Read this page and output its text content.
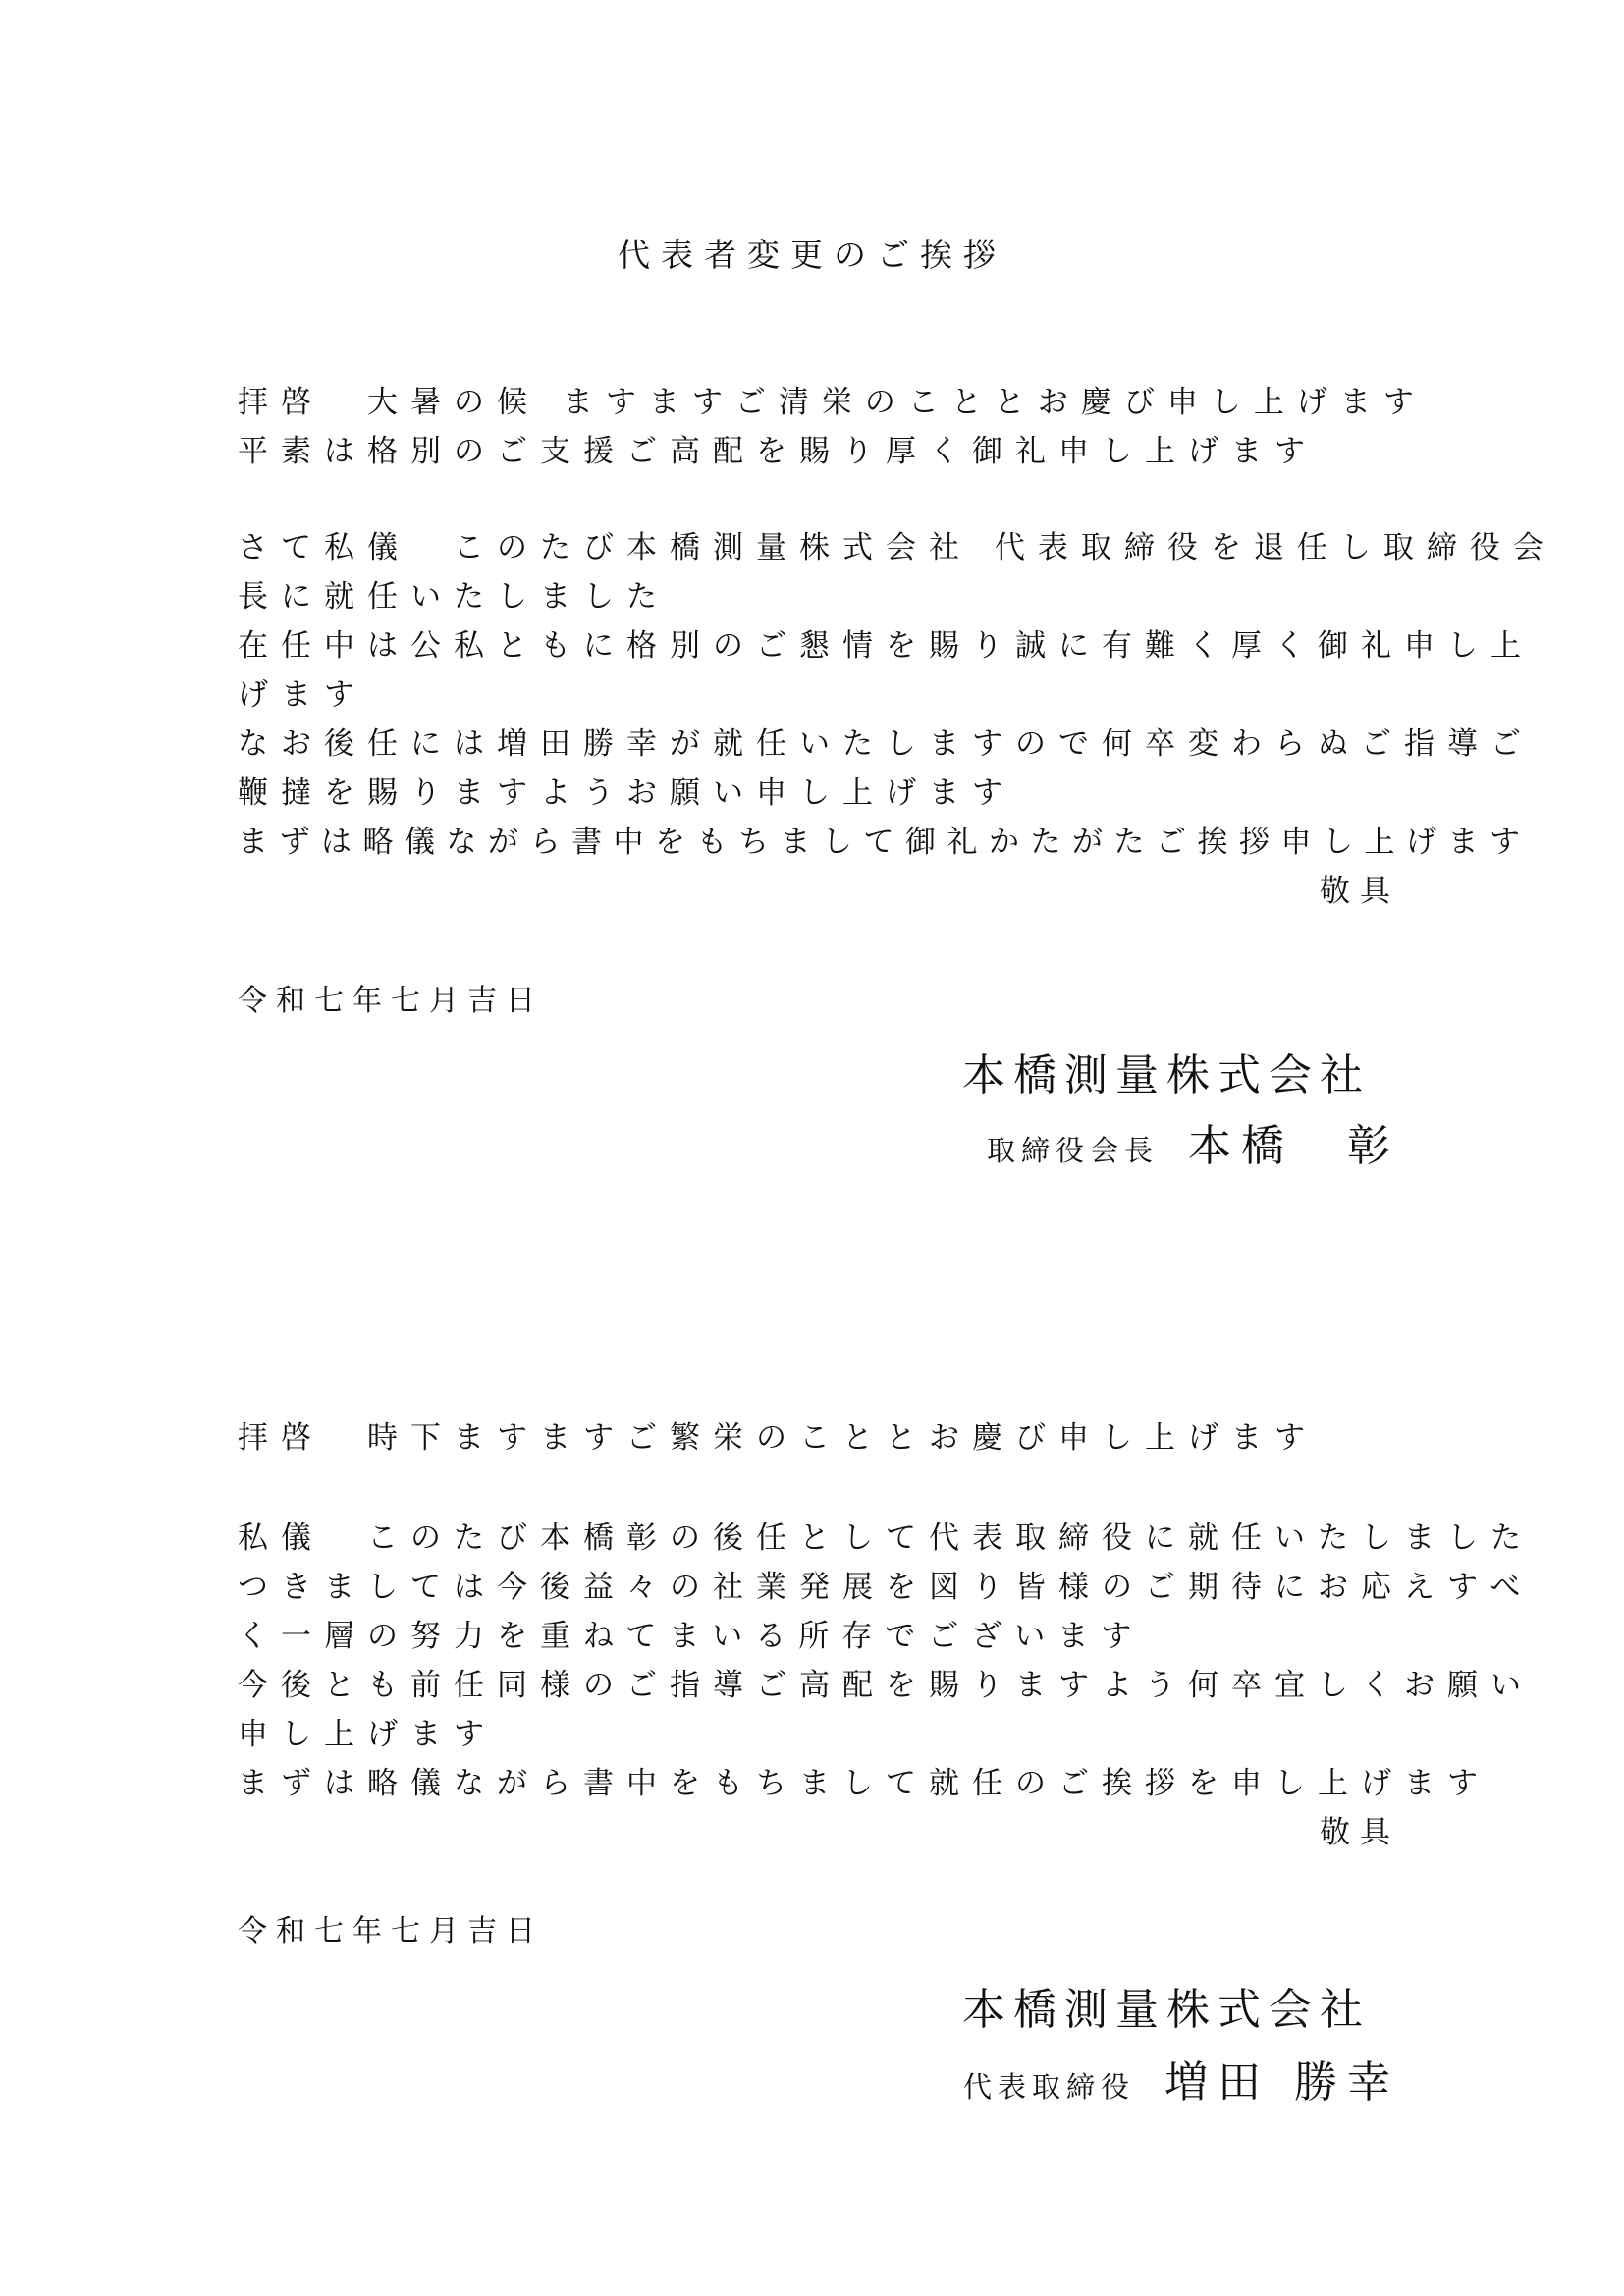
代表者変更のご挨拶
拝啓　大暑の候 ますますご清栄のこととお慶び申し上げます
平素は格別のご支援ご高配を賜り厚く御礼申し上げます
さて私儀　このたび本橋測量株式会社 代表取締役を退任し取締役会
長に就任いたしました
在任中は公私ともに格別のご懇情を賜り誠に有難く厚く御礼申し上
げます
なお後任には増田勝幸が就任いたしますので何卒変わらぬご指導ご
鞭撻を賜りますようお願い申し上げます
まずは略儀ながら書中をもちまして御礼かたがたご挨拶申し上げます
敬具
令和七年七月吉日
本橋測量株式会社
取締役会長 本橋　彰
拝啓　時下ますますご繁栄のこととお慶び申し上げます
私儀　このたび本橋彰の後任として代表取締役に就任いたしました
つきましては今後益々の社業発展を図り皆様のご期待にお応えすべ
く一層の努力を重ねてまいる所存でございます
今後とも前任同様のご指導ご高配を賜りますよう何卒宜しくお願い
申し上げます
まずは略儀ながら書中をもちまして就任のご挨拶を申し上げます
敬具
令和七年七月吉日
本橋測量株式会社
代表取締役 増田 勝幸
